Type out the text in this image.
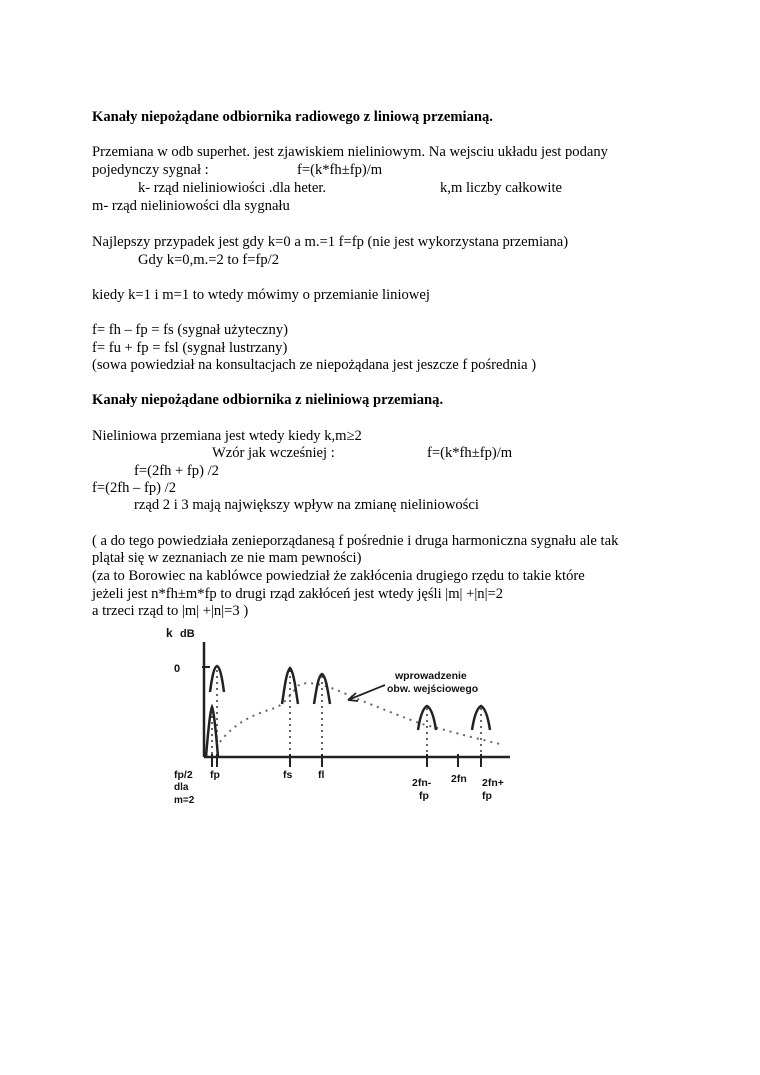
Kanały niepożądane odbiornika radiowego z liniową przemianą.
Przemiana w odb superhet. jest zjawiskiem nieliniowym. Na wejsciu układu jest podany
pojedynczy sygnał :	f=(k*fh±fp)/m
k- rząd nieliniowiości .dla heter.	k,m liczby całkowite
m- rząd nieliniowości dla sygnału
Najlepszy przypadek jest gdy k=0 a m.=1 f=fp (nie jest wykorzystana przemiana)
Gdy k=0,m.=2 to f=fp/2
kiedy k=1 i m=1 to wtedy mówimy o przemianie liniowej
f= fh – fp = fs (sygnał użyteczny)
f= fu + fp = fsl (sygnał lustrzany)
(sowa powiedział na konsultacjach ze niepożądana jest jeszcze f pośrednia )
Kanały niepożądane odbiornika z nieliniową przemianą.
Nieliniowa przemiana jest wtedy kiedy k,m≥2
Wzór jak wcześniej :	f=(k*fh±fp)/m
f=(2fh + fp) /2
f=(2fh – fp) /2
rząd 2 i 3 mają największy wpływ na zmianę nieliniowości
( a do tego powiedziała zenieporządanesą f pośrednie i druga harmoniczna sygnału ale tak
plątał się w zeznaniach ze nie mam pewności)
(za to Borowiec na kablówce powiedział że zakłócenia drugiego rzędu to takie które
jeżeli jest n*fh±m*fp to drugi rząd zakłóceń jest wtedy jęśli |m| +|n|=2
a trzeci rząd to |m| +|n|=3 )
k dB
0
wprowadzenie
obw. wejściowego
fp/2
dla
m=2
fp	fs fl
2fn-
fp
2fn 2fn+
fp
